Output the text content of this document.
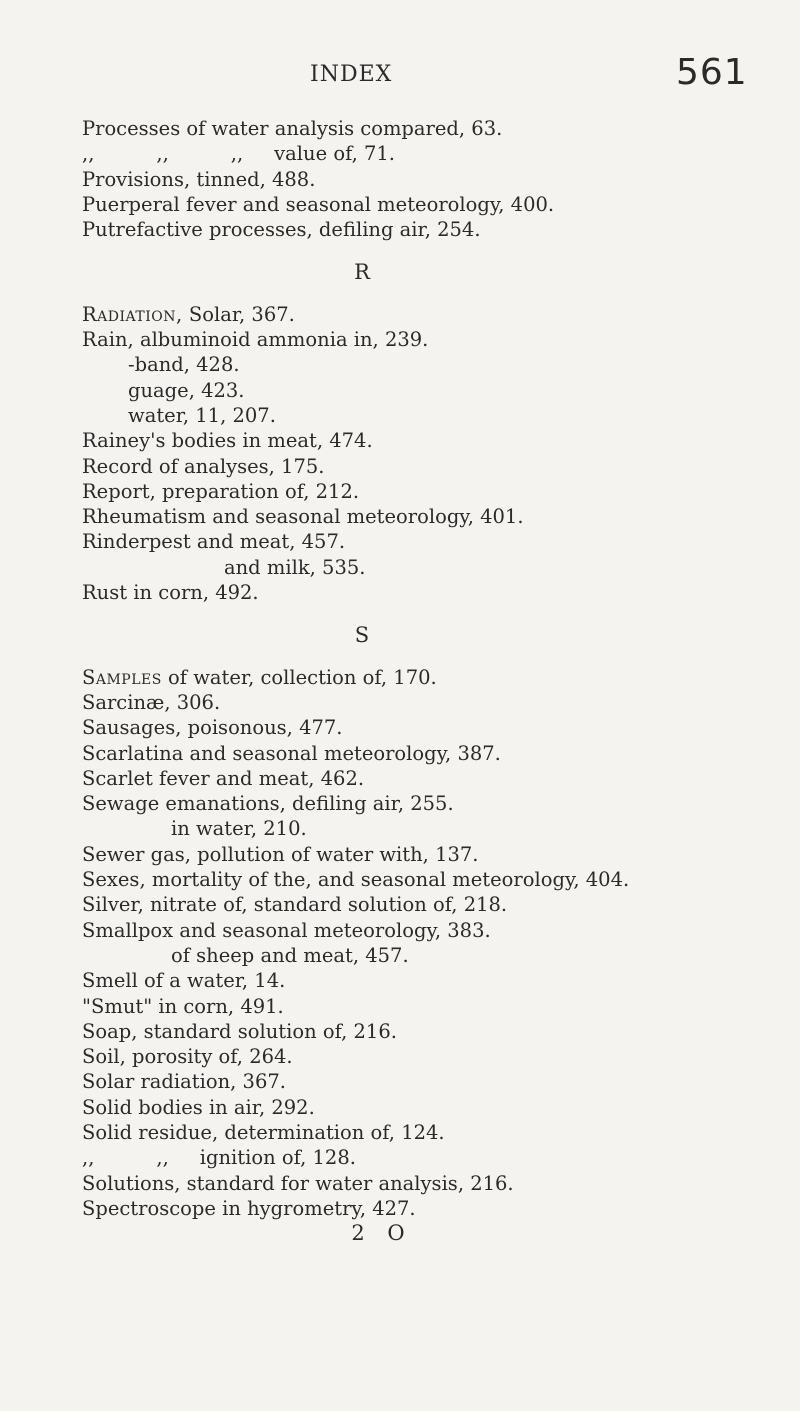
INDEX	561
Processes of water analysis compared, 63.
,,          ,,          ,,     value of, 71.
Provisions, tinned, 488.
Puerperal fever and seasonal meteorology, 400.
Putrefactive processes, defiling air, 254.
R
Radiation, Solar, 367.
Rain, albuminoid ammonia in, 239.
-band, 428.
guage, 423.
water, 11, 207.
Rainey's bodies in meat, 474.
Record of analyses, 175.
Report, preparation of, 212.
Rheumatism and seasonal meteorology, 401.
Rinderpest and meat, 457.
and milk, 535.
Rust in corn, 492.
S
Samples of water, collection of, 170.
Sarcinæ, 306.
Sausages, poisonous, 477.
Scarlatina and seasonal meteorology, 387.
Scarlet fever and meat, 462.
Sewage emanations, defiling air, 255.
in water, 210.
Sewer gas, pollution of water with, 137.
Sexes, mortality of the, and seasonal meteorology, 404.
Silver, nitrate of, standard solution of, 218.
Smallpox and seasonal meteorology, 383.
of sheep and meat, 457.
Smell of a water, 14.
"Smut" in corn, 491.
Soap, standard solution of, 216.
Soil, porosity of, 264.
Solar radiation, 367.
Solid bodies in air, 292.
Solid residue, determination of, 124.
,,          ,,     ignition of, 128.
Solutions, standard for water analysis, 216.
Spectroscope in hygrometry, 427.
2 O
